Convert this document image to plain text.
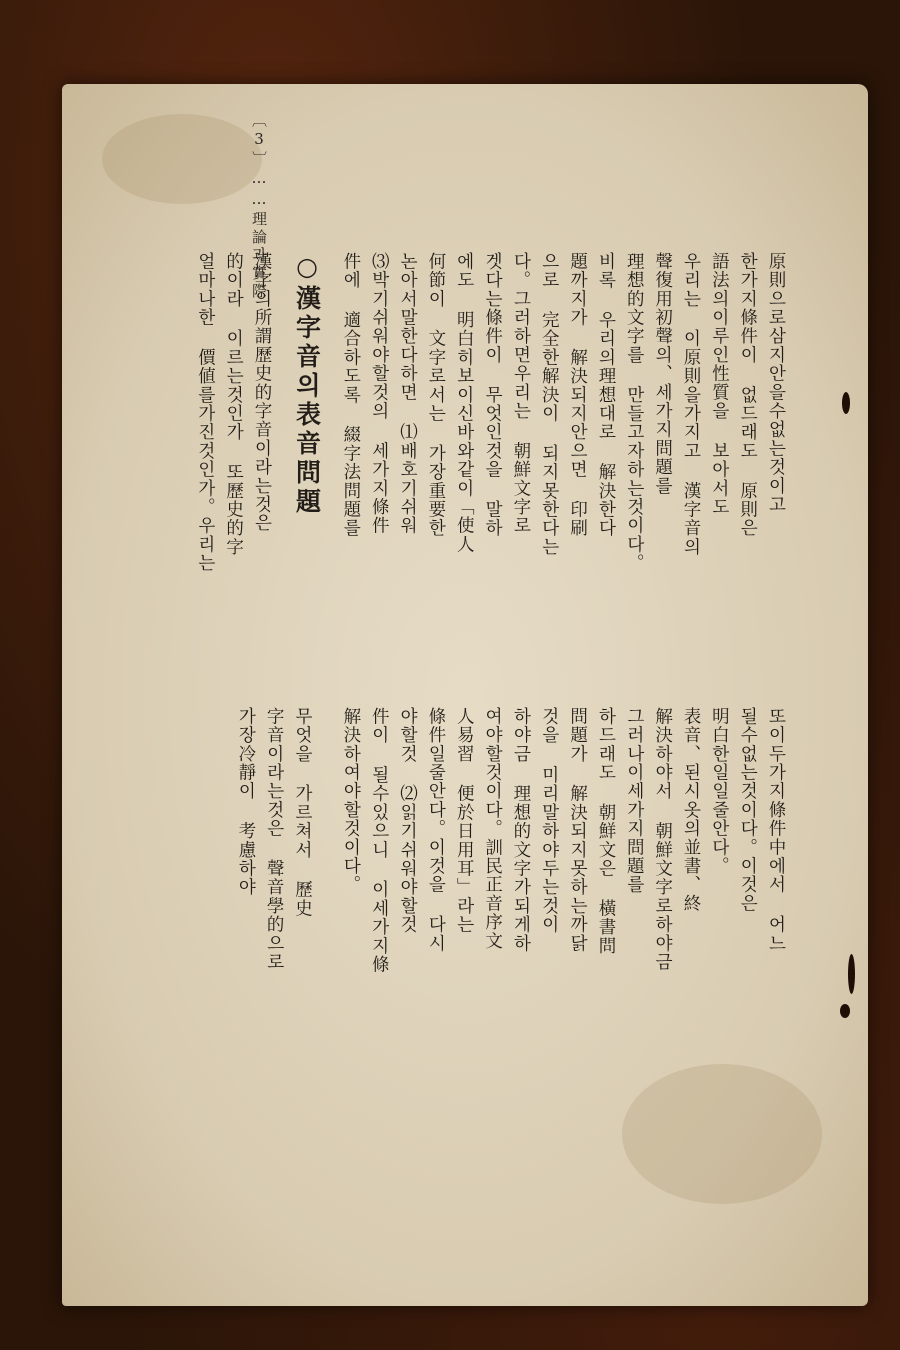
〔3〕……理論과實際
原則으로삼지안을수없는것이고
한가지條件이 없드래도 原則은
語法의이루인性質을 보아서도
우리는 이原則을가지고 漢字音의
聲復用初聲의、세가지問題를
理想的文字를 만들고자하는것이다。
비록 우리의理想대로 解決한다
題까지가 解決되지안으면 印刷
으로 完全한解決이 되지못한다는
다。그러하면우리는 朝鮮文字로
겟다는條件이 무엇인것을 말하
에도 明白히보이신바와같이「使人
何節이 文字로서는 가장重要한
논아서말한다하면 ⑴배호기쉬워
⑶박기쉬워야할것의 세가지條件
件에 適合하도록 綴字法問題를
○漢字音의表音問題
漢字의所謂歷史的字音이라는것은
的이라 이르는것인가 또歷史的字
얼마나한 價値를가진것인가。우리는
또이두가지條件中에서 어느
될수없는것이다。이것은
明白한일일줄안다。
表音、된시옷의並書、終
解決하야서 朝鮮文字로하야금
그러나이세가지問題를
하드래도 朝鮮文은 橫書問
問題가 解決되지못하는까닭
것을 미리말하야두는것이
하야금 理想的文字가되게하
여야할것이다。訓民正音序文
人易習 便於日用耳」라는
條件일줄안다。이것을 다시
야할것 ⑵읽기쉬워야할것
件이 될수있으니 이세가지條
解決하여야할것이다。
무엇을 가르쳐서 歷史
字音이라는것은 聲音學的으로
가장冷靜이 考慮하야
